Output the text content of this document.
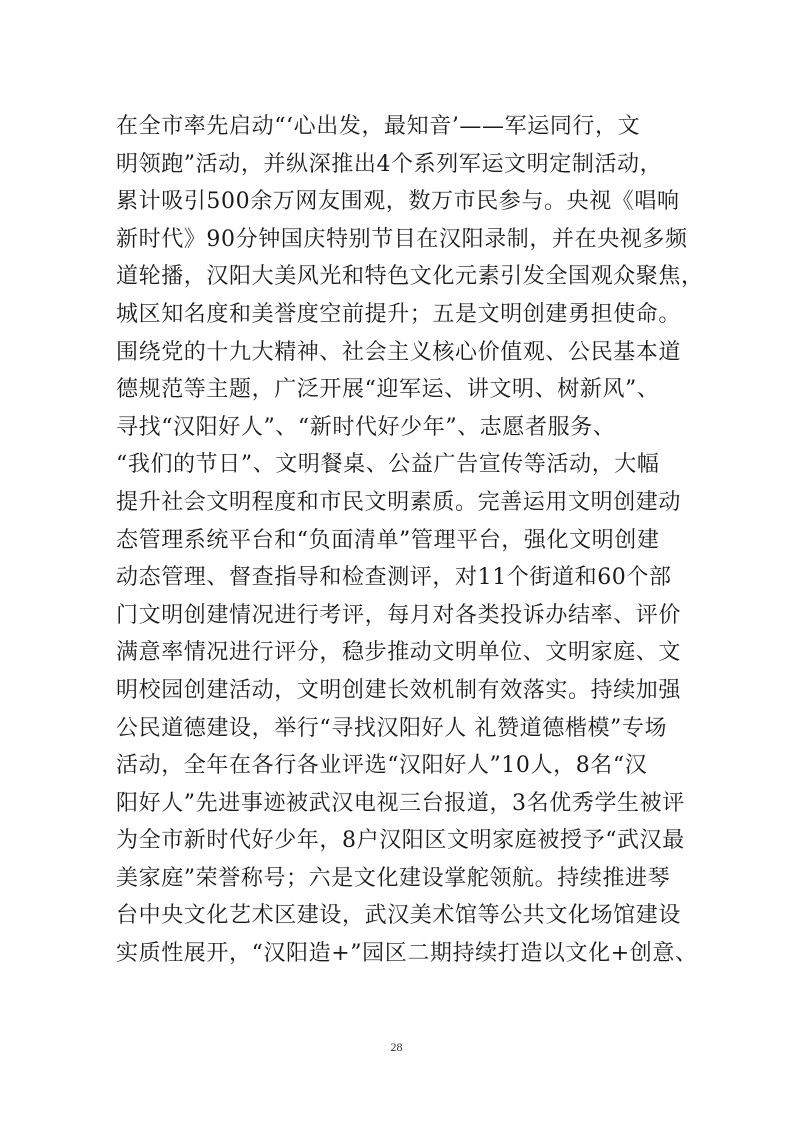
在全市率先启动“‘心出发，最知音’——军运同行，文
明领跑”活动，并纵深推出4个系列军运文明定制活动，
累计吸引500余万网友围观，数万市民参与。央视《唱响
新时代》90分钟国庆特别节目在汉阳录制，并在央视多频
道轮播，汉阳大美风光和特色文化元素引发全国观众聚焦，
城区知名度和美誉度空前提升；五是文明创建勇担使命。
围绕党的十九大精神、社会主义核心价值观、公民基本道
德规范等主题，广泛开展“迎军运、讲文明、树新风”、
寻找“汉阳好人”、“新时代好少年”、志愿者服务、
“我们的节日”、文明餐桌、公益广告宣传等活动，大幅
提升社会文明程度和市民文明素质。完善运用文明创建动
态管理系统平台和“负面清单”管理平台，强化文明创建
动态管理、督查指导和检查测评，对11个街道和60个部
门文明创建情况进行考评，每月对各类投诉办结率、评价
满意率情况进行评分，稳步推动文明单位、文明家庭、文
明校园创建活动，文明创建长效机制有效落实。持续加强
公民道德建设，举行“寻找汉阳好人 礼赞道德楷模”专场
活动，全年在各行各业评选“汉阳好人”10人，8名“汉
阳好人”先进事迹被武汉电视三台报道，3名优秀学生被评
为全市新时代好少年，8户汉阳区文明家庭被授予“武汉最
美家庭”荣誉称号；六是文化建设掌舵领航。持续推进琴
台中央文化艺术区建设，武汉美术馆等公共文化场馆建设
实质性展开，“汉阳造+”园区二期持续打造以文化+创意、
28
